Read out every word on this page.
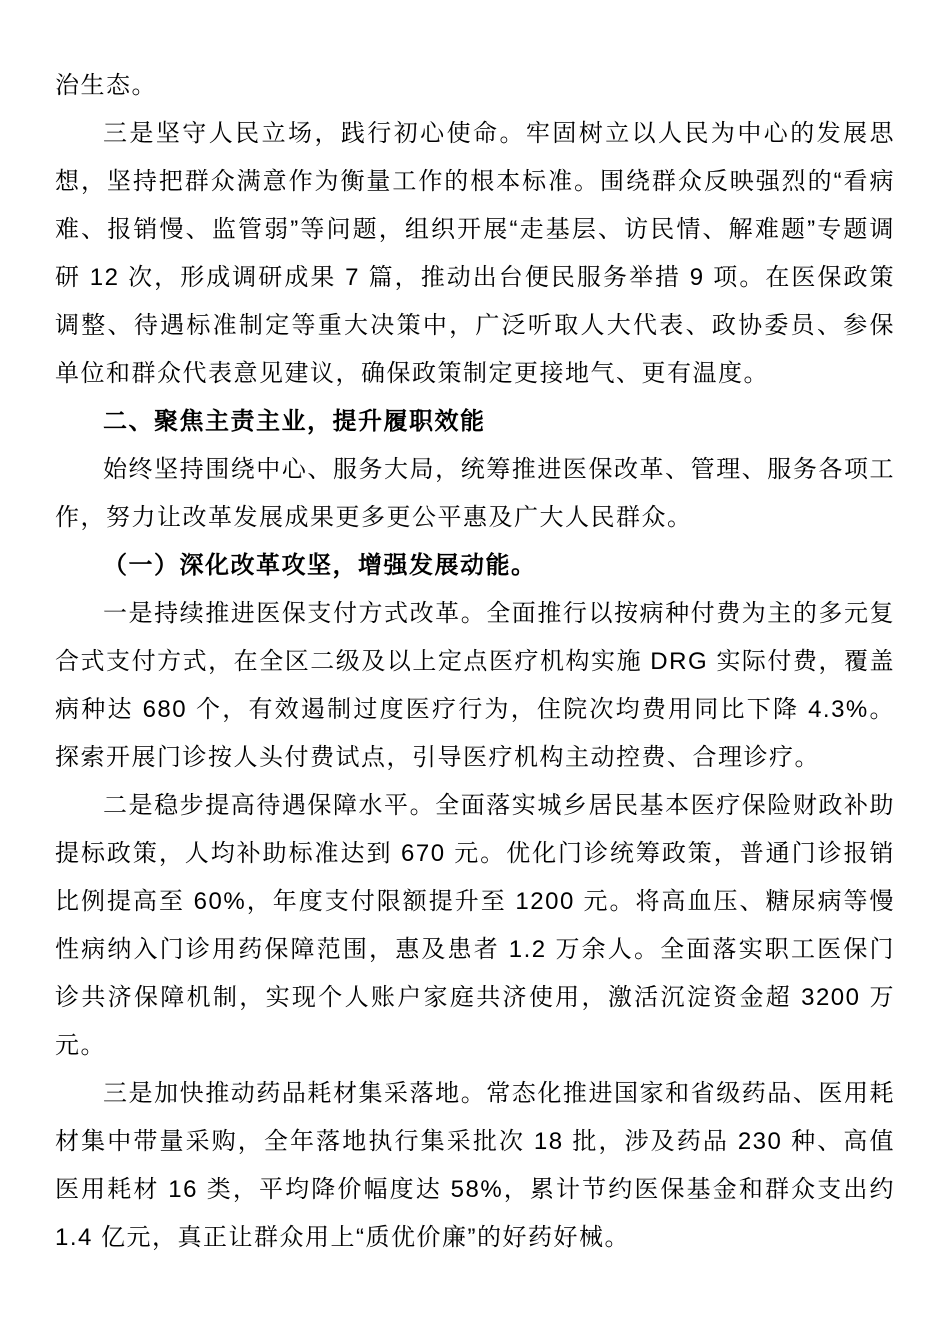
治生态。

三是坚守人民立场，践行初心使命。牢固树立以人民为中心的发展思想，坚持把群众满意作为衡量工作的根本标准。围绕群众反映强烈的“看病难、报销慢、监管弱”等问题，组织开展“走基层、访民情、解难题”专题调研 12 次，形成调研成果 7 篇，推动出台便民服务举措 9 项。在医保政策调整、待遇标准制定等重大决策中，广泛听取人大代表、政协委员、参保单位和群众代表意见建议，确保政策制定更接地气、更有温度。

二、聚焦主责主业，提升履职效能

始终坚持围绕中心、服务大局，统筹推进医保改革、管理、服务各项工作，努力让改革发展成果更多更公平惠及广大人民群众。

（一）深化改革攻坚，增强发展动能。

一是持续推进医保支付方式改革。全面推行以按病种付费为主的多元复合式支付方式，在全区二级及以上定点医疗机构实施 DRG 实际付费，覆盖病种达 680 个，有效遏制过度医疗行为，住院次均费用同比下降 4.3%。探索开展门诊按人头付费试点，引导医疗机构主动控费、合理诊疗。

二是稳步提高待遇保障水平。全面落实城乡居民基本医疗保险财政补助提标政策，人均补助标准达到 670 元。优化门诊统筹政策，普通门诊报销比例提高至 60%，年度支付限额提升至 1200 元。将高血压、糖尿病等慢性病纳入门诊用药保障范围，惠及患者 1.2 万余人。全面落实职工医保门诊共济保障机制，实现个人账户家庭共济使用，激活沉淀资金超 3200 万元。

三是加快推动药品耗材集采落地。常态化推进国家和省级药品、医用耗材集中带量采购，全年落地执行集采批次 18 批，涉及药品 230 种、高值医用耗材 16 类，平均降价幅度达 58%，累计节约医保基金和群众支出约 1.4 亿元，真正让群众用上“质优价廉”的好药好械。
